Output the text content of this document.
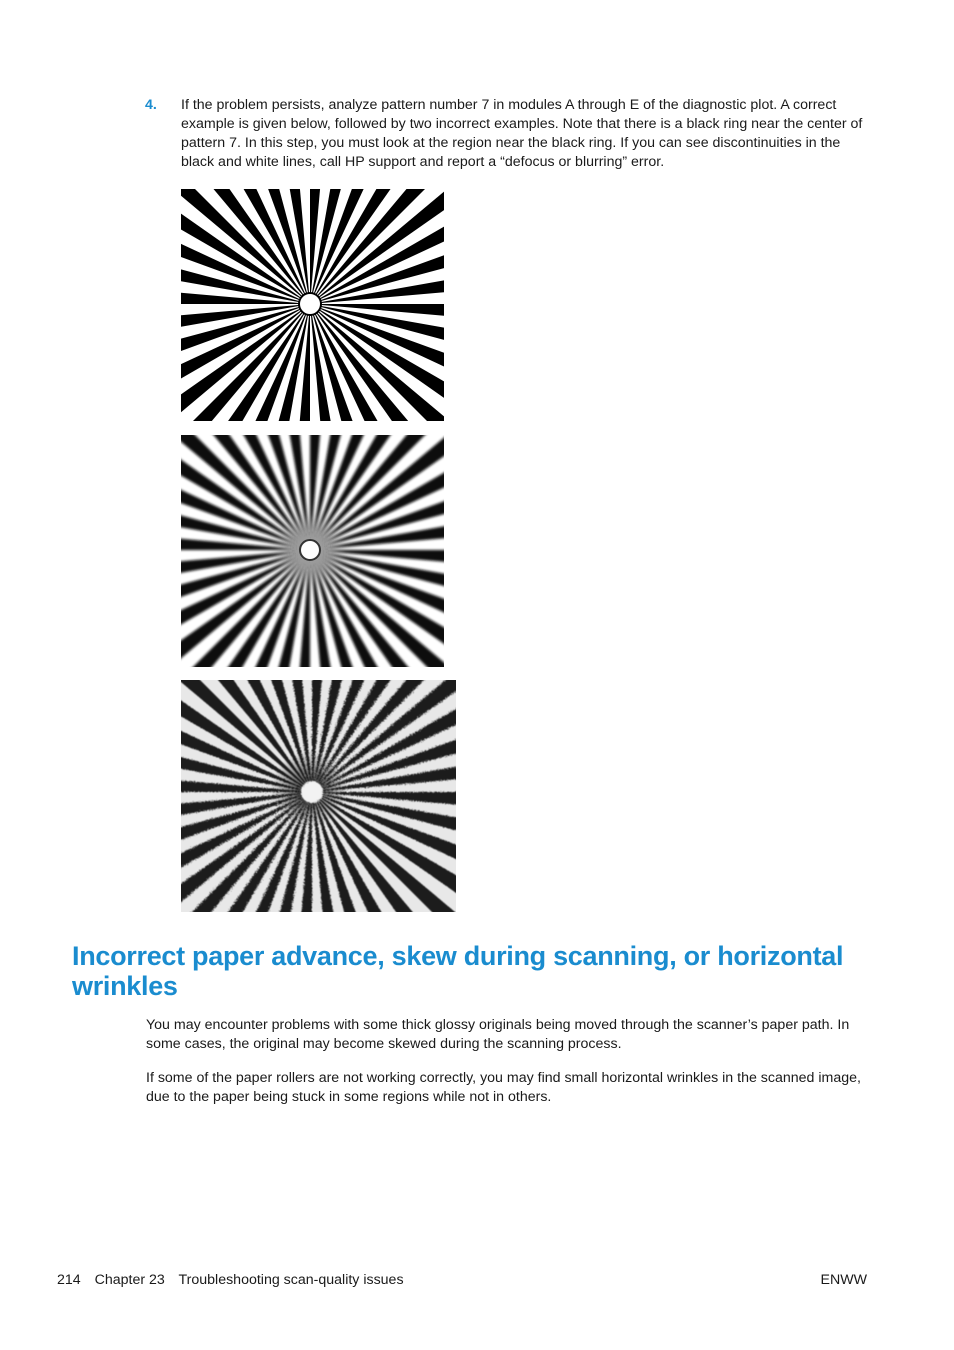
4. If the problem persists, analyze pattern number 7 in modules A through E of the diagnostic plot. A correct example is given below, followed by two incorrect examples. Note that there is a black ring near the center of pattern 7. In this step, you must look at the region near the black ring. If you can see discontinuities in the black and white lines, call HP support and report a “defocus or blurring” error.
Incorrect paper advance, skew during scanning, or horizontal wrinkles

You may encounter problems with some thick glossy originals being moved through the scanner’s paper path. In some cases, the original may become skewed during the scanning process.

If some of the paper rollers are not working correctly, you may find small horizontal wrinkles in the scanned image, due to the paper being stuck in some regions while not in others.

214 Chapter 23 Troubleshooting scan-quality issues	ENWW
